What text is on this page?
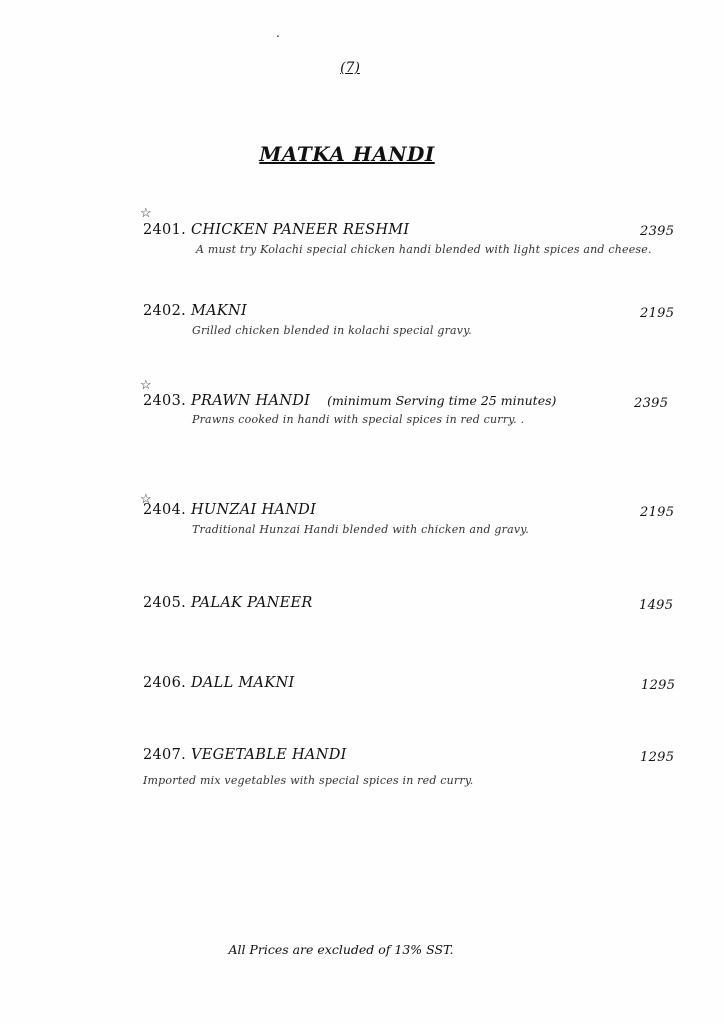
.
(7)
MATKA HANDI
☆
2401. CHICKEN PANEER RESHMI	2395
A must try Kolachi special chicken handi blended with light spices and cheese.
2402. MAKNI	2195
Grilled chicken blended in kolachi special gravy.
☆
2403. PRAWN HANDI (minimum Serving time 25 minutes)	2395
Prawns cooked in handi with special spices in red curry. .
☆
2404. HUNZAI HANDI	2195
Traditional Hunzai Handi blended with chicken and gravy.
2405. PALAK PANEER	1495
2406. DALL MAKNI	1295
2407. VEGETABLE HANDI	1295
Imported mix vegetables with special spices in red curry.
All Prices are excluded of 13% SST.
